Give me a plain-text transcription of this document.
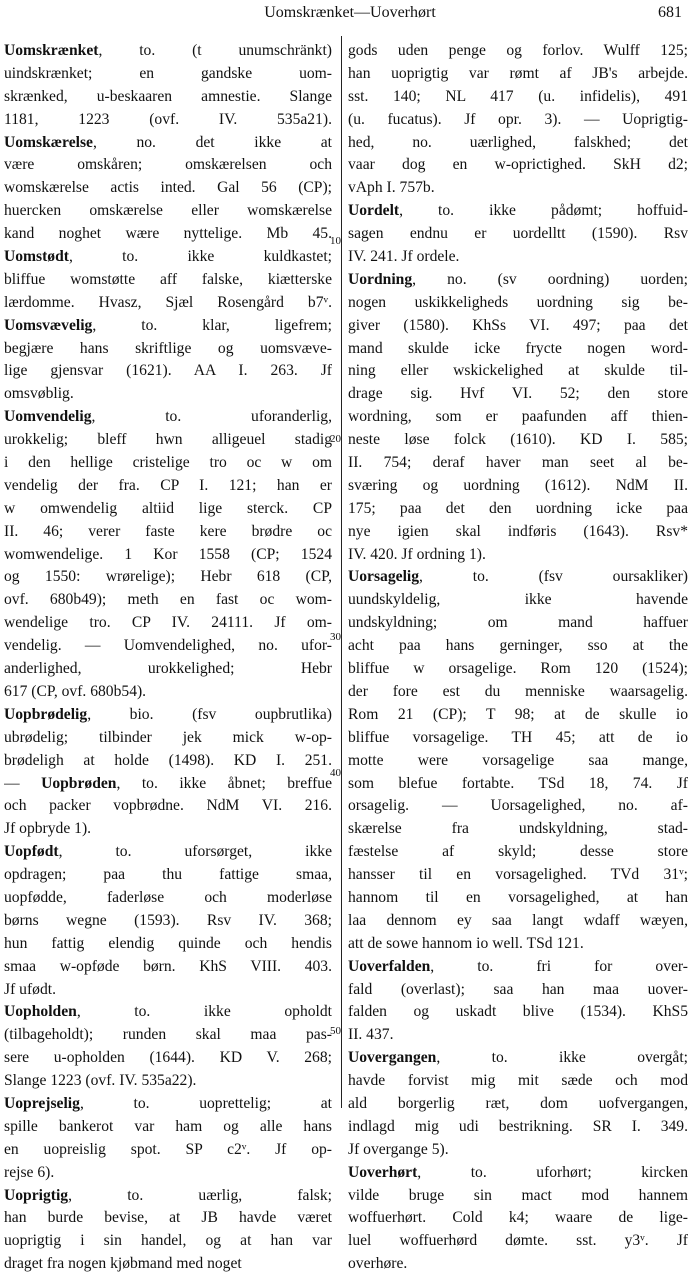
Uomskrænket—Uoverhørt	681
Uomskrænket, to. (t unumschränkt)
uindskrænket; en gandske uom-
skrænked, u-beskaaren amnestie. Slange
1181, 1223 (ovf. IV. 535a21).
Uomskærelse, no. det ikke at
være omskåren; omskærelsen och
womskærelse actis inted. Gal 56 (CP);
huercken omskærelse eller womskærelse
kand noghet wære nyttelige. Mb 45.
Uomstødt, to. ikke kuldkastet;
bliffue womstøtte aff falske, kiætterske
lærdomme. Hvasz, Sjæl Rosengård b7ᵛ.
Uomsvævelig, to. klar, ligefrem;
begjære hans skriftlige og uomsvæve-
lige gjensvar (1621). AA I. 263. Jf
omsvøblig.
Uomvendelig, to. uforanderlig,
urokkelig; bleff hwn alligeuel stadig
i den hellige cristelige tro oc w om
vendelig der fra. CP I. 121; han er
w omwendelig altiid lige sterck. CP
II. 46; verer faste kere brødre oc
womwendelige. 1 Kor 1558 (CP; 1524
og 1550: wrørelige); Hebr 618 (CP,
ovf. 680b49); meth en fast oc wom-
wendelige tro. CP IV. 24111. Jf om-
vendelig. — Uomvendelighed, no. ufor-
anderlighed, urokkelighed; Hebr
617 (CP, ovf. 680b54).
Uopbrødelig, bio. (fsv oupbrutlika)
ubrødelig; tilbinder jek mick w-op-
brødeligh at holde (1498). KD I. 251.
— Uopbrøden, to. ikke åbnet; breffue
och packer vopbrødne. NdM VI. 216.
Jf opbryde 1).
Uopfødt, to. uforsørget, ikke
opdragen; paa thu fattige smaa,
uopfødde, faderløse och moderløse
børns wegne (1593). Rsv IV. 368;
hun fattig elendig quinde och hendis
smaa w-opføde børn. KhS VIII. 403.
Jf ufødt.
Uopholden, to. ikke opholdt
(tilbageholdt); runden skal maa pas-
sere u-opholden (1644). KD V. 268;
Slange 1223 (ovf. IV. 535a22).
Uoprejselig, to. uoprettelig; at
spille bankerot var ham og alle hans
en uopreislig spot. SP c2ᵛ. Jf op-
rejse 6).
Uoprigtig, to. uærlig, falsk;
han burde bevise, at JB havde været
uoprigtig i sin handel, og at han var
draget fra nogen kjøbmand med noget
gods uden penge og forlov. Wulff 125;
han uoprigtig var rømt af JB's arbejde.
sst. 140; NL 417 (u. infidelis), 491
(u. fucatus). Jf opr. 3). — Uoprigtig-
hed, no. uærlighed, falskhed; det
vaar dog en w-oprictighed. SkH d2;
vAph I. 757b.
Uordelt, to. ikke pådømt; hoffuid-
sagen endnu er uordelltt (1590). Rsv
IV. 241. Jf ordele.
Uordning, no. (sv oordning) uorden;
nogen uskikkeligheds uordning sig be-
giver (1580). KhSs VI. 497; paa det
mand skulde icke frycte nogen word-
ning eller wskickelighed at skulde til-
drage sig. Hvf VI. 52; den store
wordning, som er paafunden aff thien-
neste løse folck (1610). KD I. 585;
II. 754; deraf haver man seet al be-
sværing og uordning (1612). NdM II.
175; paa det den uordning icke paa
nye igien skal indføris (1643). Rsv*
IV. 420. Jf ordning 1).
Uorsagelig, to. (fsv oursakliker)
uundskyldelig, ikke havende
undskyldning; om mand haffuer
acht paa hans gerninger, sso at the
bliffue w orsagelige. Rom 120 (1524);
der fore est du menniske waarsagelig.
Rom 21 (CP); T 98; at de skulle io
bliffue vorsagelige. TH 45; att de io
motte were vorsagelige saa mange,
som blefue fortabte. TSd 18, 74. Jf
orsagelig. — Uorsagelighed, no. af-
skærelse fra undskyldning, stad-
fæstelse af skyld; desse store
hansser til en vorsagelighed. TVd 31ᵛ;
hannom til en vorsagelighed, at han
laa dennom ey saa langt wdaff wæyen,
att de sowe hannom io well. TSd 121.
Uoverfalden, to. fri for over-
fald (overlast); saa han maa uover-
falden og uskadt blive (1534). KhS5
II. 437.
Uovergangen, to. ikke overgåt;
havde forvist mig mit sæde och mod
ald borgerlig ræt, dom uofvergangen,
indlagd mig udi bestrikning. SR I. 349.
Jf overgange 5).
Uoverhørt, to. uforhørt; kircken
vilde bruge sin mact mod hannem
woffuerhørt. Cold k4; waare de lige-
luel woffuerhørd dømte. sst. y3ᵛ. Jf
overhøre.
10
20
30
40
50
